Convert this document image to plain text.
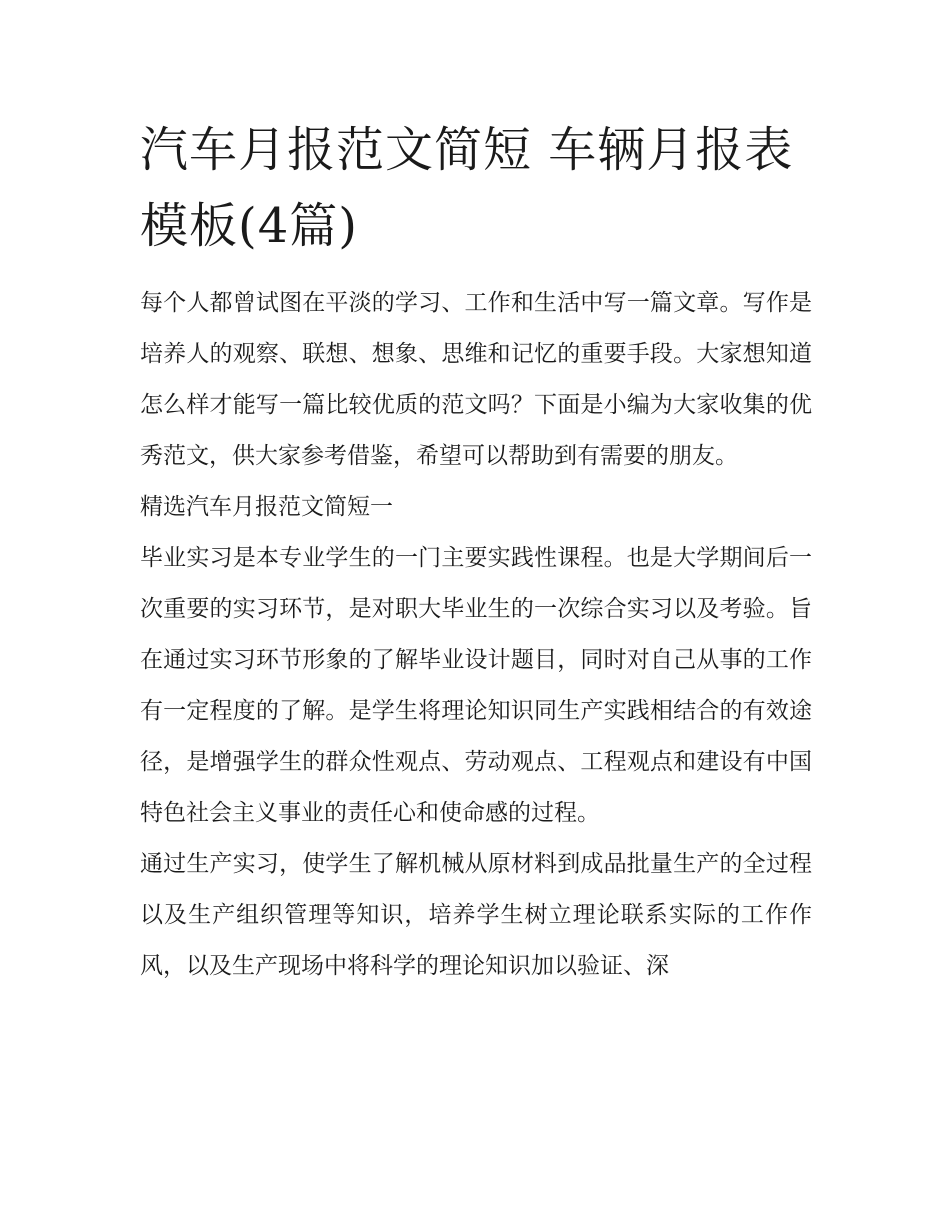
汽车月报范文简短 车辆月报表模板(4篇)

每个人都曾试图在平淡的学习、工作和生活中写一篇文章。写作是培养人的观察、联想、想象、思维和记忆的重要手段。大家想知道怎么样才能写一篇比较优质的范文吗？下面是小编为大家收集的优秀范文，供大家参考借鉴，希望可以帮助到有需要的朋友。

精选汽车月报范文简短一

毕业实习是本专业学生的一门主要实践性课程。也是大学期间后一次重要的实习环节，是对职大毕业生的一次综合实习以及考验。旨在通过实习环节形象的了解毕业设计题目，同时对自己从事的工作有一定程度的了解。是学生将理论知识同生产实践相结合的有效途径，是增强学生的群众性观点、劳动观点、工程观点和建设有中国特色社会主义事业的责任心和使命感的过程。

通过生产实习，使学生了解机械从原材料到成品批量生产的全过程以及生产组织管理等知识，培养学生树立理论联系实际的工作作风，以及生产现场中将科学的理论知识加以验证、深
